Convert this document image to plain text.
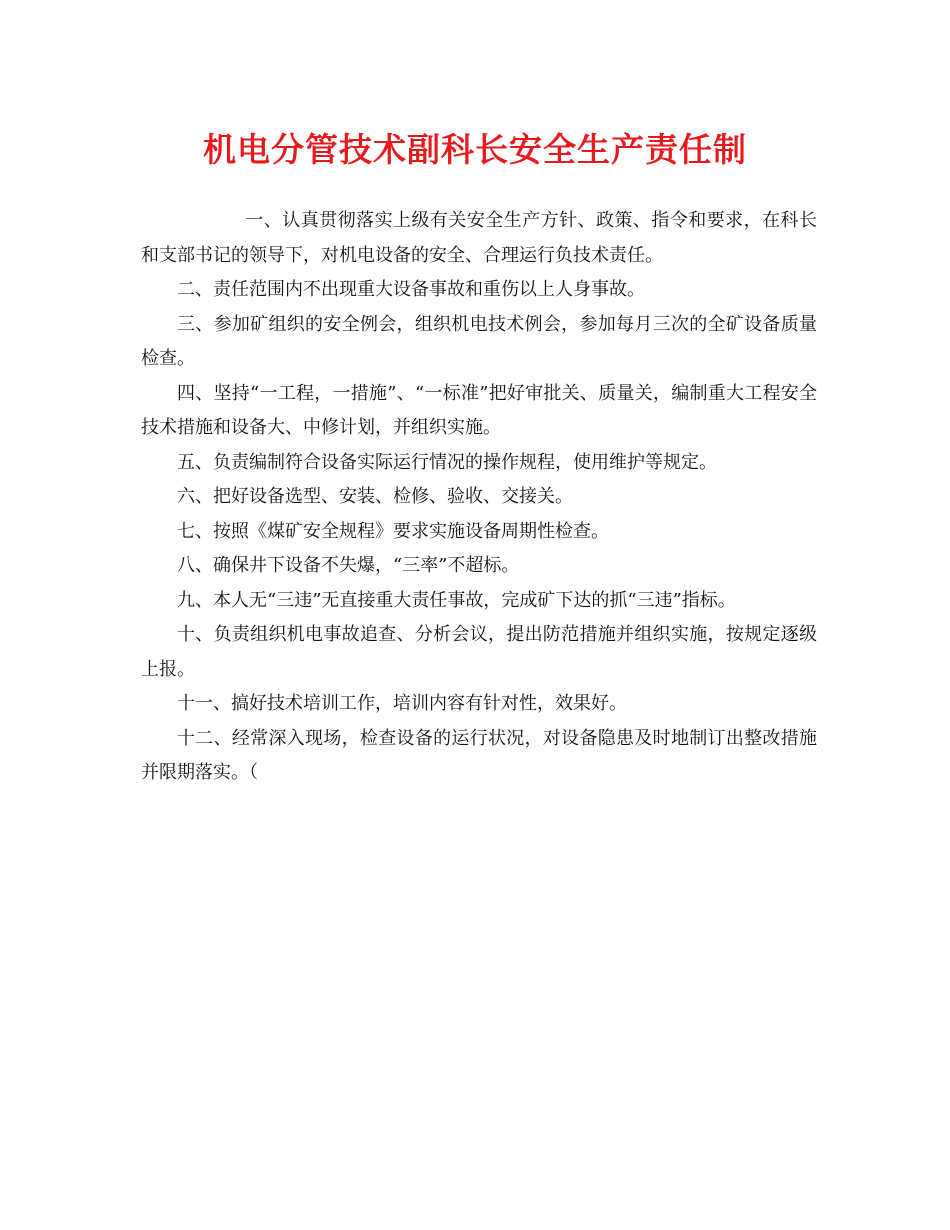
机电分管技术副科长安全生产责任制

一、认真贯彻落实上级有关安全生产方针、政策、指令和要求，在科长和支部书记的领导下，对机电设备的安全、合理运行负技术责任。

二、责任范围内不出现重大设备事故和重伤以上人身事故。

三、参加矿组织的安全例会，组织机电技术例会，参加每月三次的全矿设备质量检查。

四、坚持“一工程，一措施”、“一标准”把好审批关、质量关，编制重大工程安全技术措施和设备大、中修计划，并组织实施。

五、负责编制符合设备实际运行情况的操作规程，使用维护等规定。

六、把好设备选型、安装、检修、验收、交接关。

七、按照《煤矿安全规程》要求实施设备周期性检查。

八、确保井下设备不失爆，“三率”不超标。

九、本人无“三违”无直接重大责任事故，完成矿下达的抓“三违”指标。

十、负责组织机电事故追查、分析会议，提出防范措施并组织实施，按规定逐级上报。

十一、搞好技术培训工作，培训内容有针对性，效果好。

十二、经常深入现场，检查设备的运行状况，对设备隐患及时地制订出整改措施并限期落实。（
